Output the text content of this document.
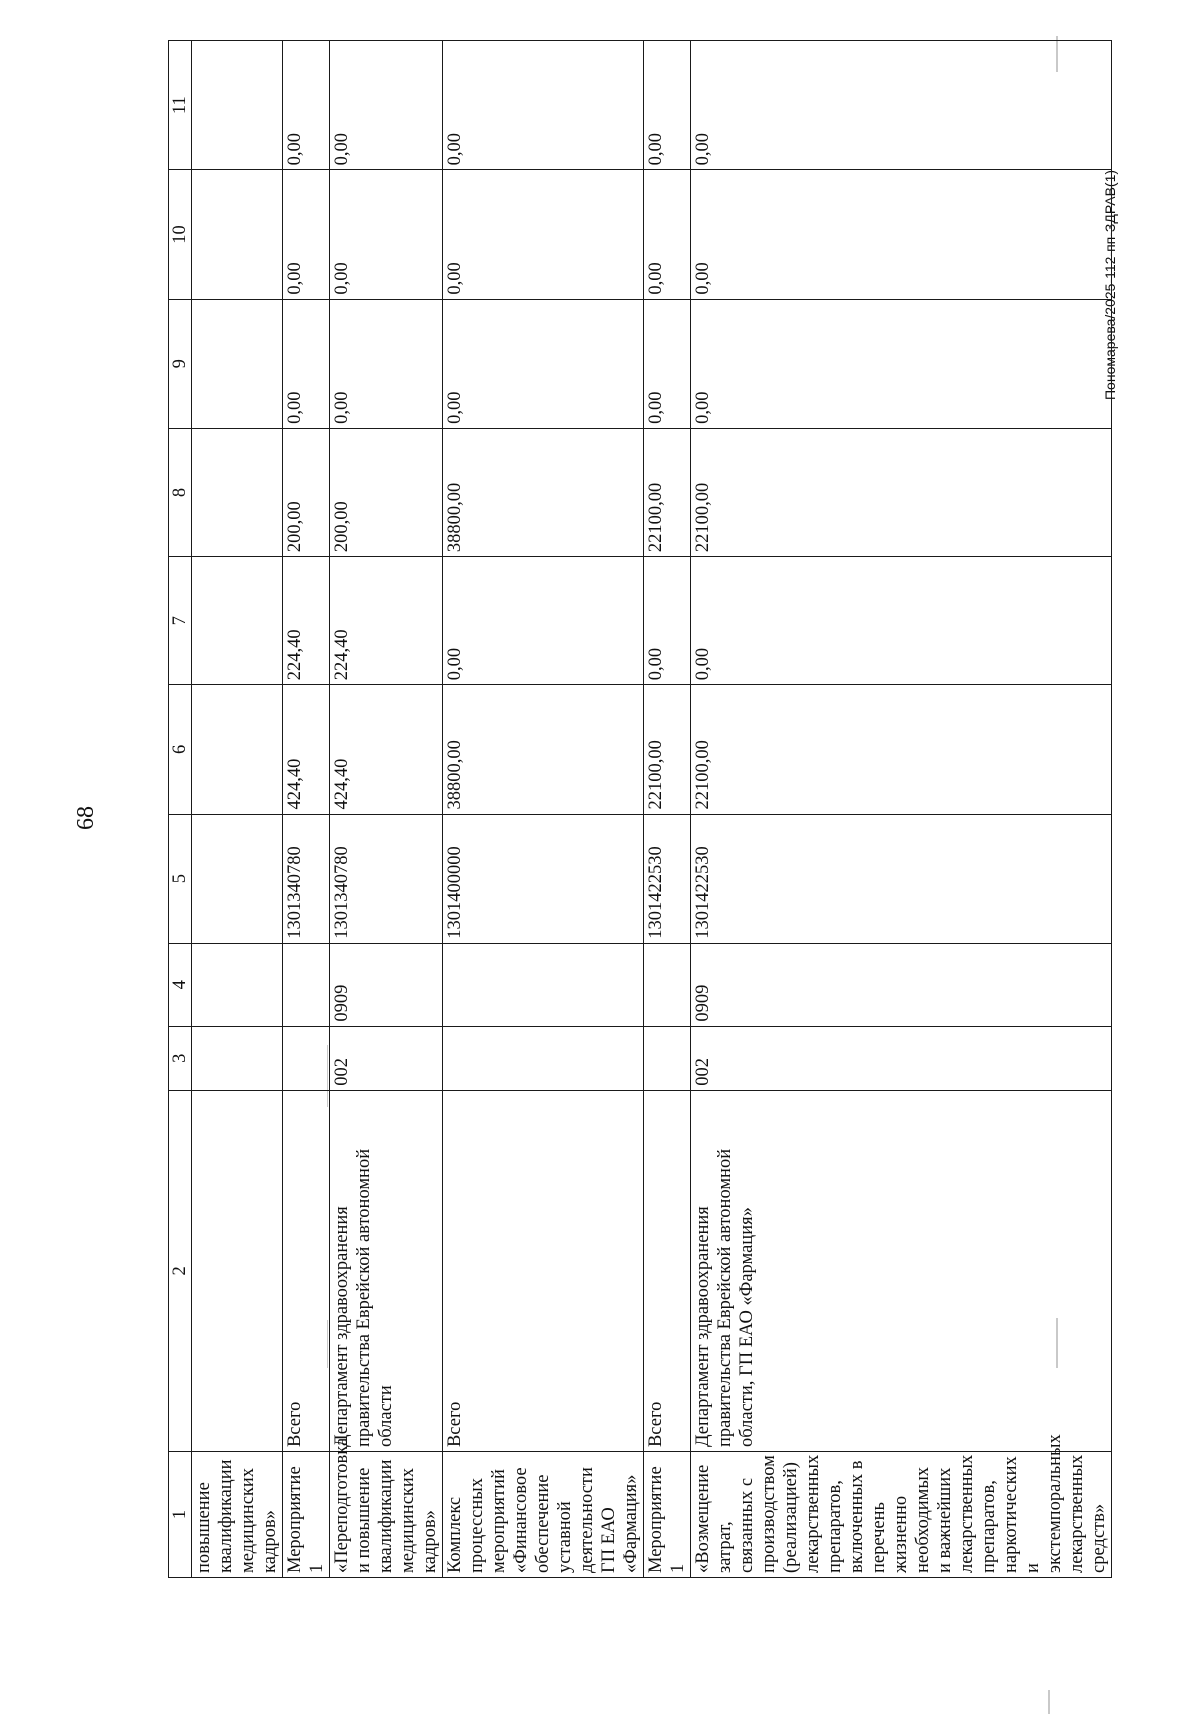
68
Пономарева/2025-112-пп-ЗДРАВ(1)
1	2	3	4	5	6	7	8	9	10	11
повышение квалификации медицинских кадров»										
Мероприятие 1	Всего			1301340780	424,40	224,40	200,00	0,00	0,00	0,00
«Переподготовка и повышение квалификации медицинских кадров»	Департамент здравоохранения правительства Еврейской автономной области	002	0909	1301340780	424,40	224,40	200,00	0,00	0,00	0,00
Комплекс процессных мероприятий «Финансовое обеспечение уставной деятельности ГП ЕАО «Фармация»	Всего			1301400000	38800,00	0,00	38800,00	0,00	0,00	0,00
Мероприятие 1	Всего			1301422530	22100,00	0,00	22100,00	0,00	0,00	0,00
«Возмещение затрат, связанных с производством (реализацией) лекарственных препаратов, включенных в перечень жизненно необходимых и важнейших лекарственных препаратов, наркотических и экстемпоральных лекарственных средств»	Департамент здравоохранения правительства Еврейской автономной области, ГП ЕАО «Фармация»	002	0909	1301422530	22100,00	0,00	22100,00	0,00	0,00	0,00
